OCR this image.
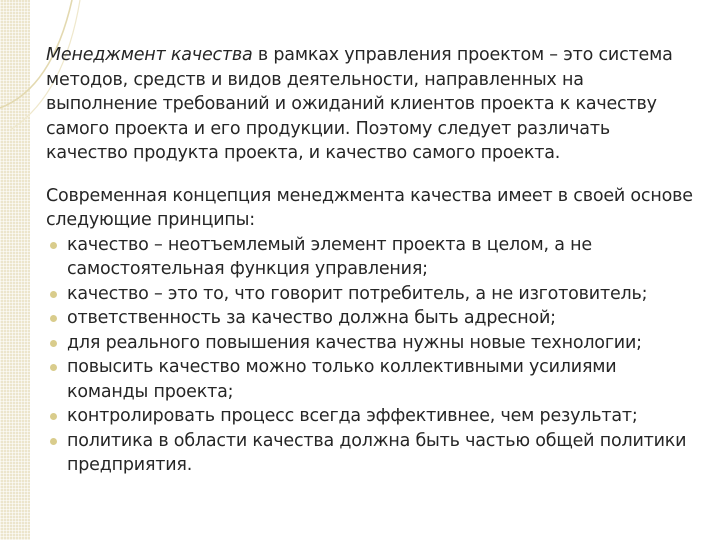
Менеджмент качества в рамках управления проектом – это система методов, средств и видов деятельности, направленных на выполнение требований и ожиданий клиентов проекта к качеству самого проекта и его продукции. Поэтому следует различать качество продукта проекта, и качество самого проекта.

Современная концепция менеджмента качества имеет в своей основе следующие принципы:

качество – неотъемлемый элемент проекта в целом, а не самостоятельная функция управления;
качество – это то, что говорит потребитель, а не изготовитель;
ответственность за качество должна быть адресной;
для реального повышения качества нужны новые технологии;
повысить качество можно только коллективными усилиями команды проекта;
контролировать процесс всегда эффективнее, чем результат;
политика в области качества должна быть частью общей политики предприятия.
